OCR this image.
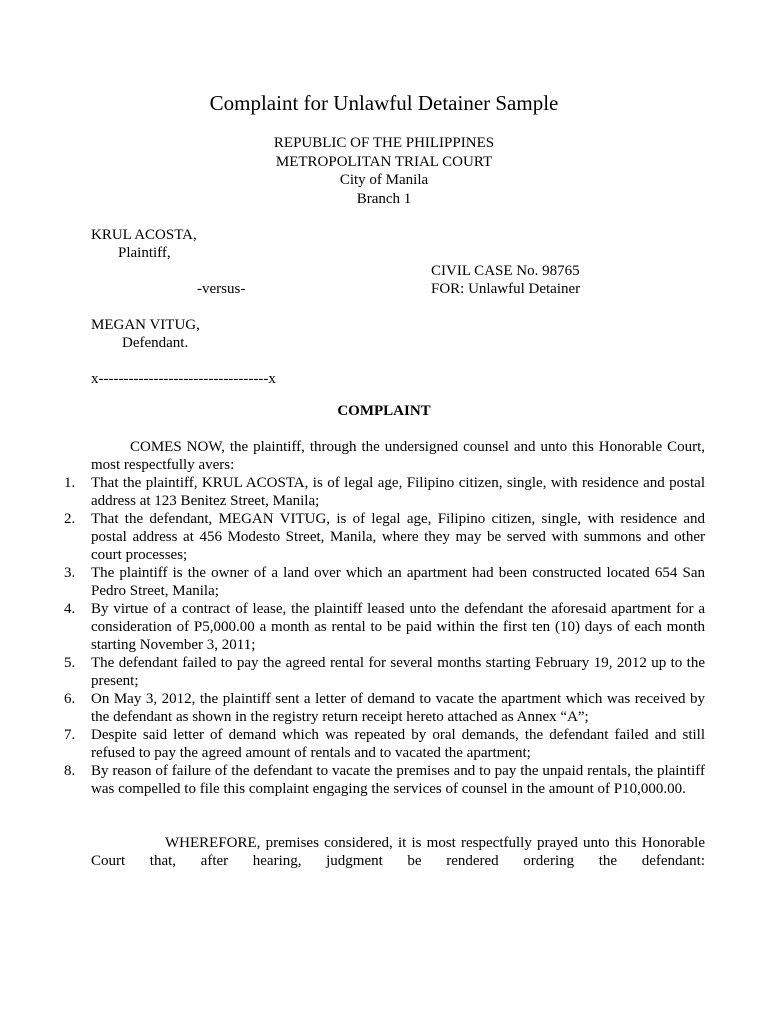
Complaint for Unlawful Detainer Sample
REPUBLIC OF THE PHILIPPINES
METROPOLITAN TRIAL COURT
City of Manila
Branch 1
KRUL ACOSTA,
Plaintiff,
CIVIL CASE No. 98765
-versus-	FOR: Unlawful Detainer
MEGAN VITUG,
Defendant.
x----------------------------------x
COMPLAINT
COMES NOW, the plaintiff, through the undersigned counsel and unto this Honorable Court, most respectfully avers:
1.	That the plaintiff, KRUL ACOSTA, is of legal age, Filipino citizen, single, with residence and postal address at 123 Benitez Street, Manila;
2.	That the defendant, MEGAN VITUG, is of legal age, Filipino citizen, single, with residence and postal address at 456 Modesto Street, Manila, where they may be served with summons and other court processes;
3.	The plaintiff is the owner of a land over which an apartment had been constructed located 654 San Pedro Street, Manila;
4.	By virtue of a contract of lease, the plaintiff leased unto the defendant the aforesaid apartment for a consideration of P5,000.00 a month as rental to be paid within the first ten (10) days of each month starting November 3, 2011;
5.	The defendant failed to pay the agreed rental for several months starting February 19, 2012 up to the present;
6.	On May 3, 2012, the plaintiff sent a letter of demand to vacate the apartment which was received by the defendant as shown in the registry return receipt hereto attached as Annex “A”;
7.	Despite said letter of demand which was repeated by oral demands, the defendant failed and still refused to pay the agreed amount of rentals and to vacated the apartment;
8.	By reason of failure of the defendant to vacate the premises and to pay the unpaid rentals, the plaintiff was compelled to file this complaint engaging the services of counsel in the amount of P10,000.00.
WHEREFORE, premises considered, it is most respectfully prayed unto this Honorable Court that, after hearing, judgment be rendered ordering the defendant:
